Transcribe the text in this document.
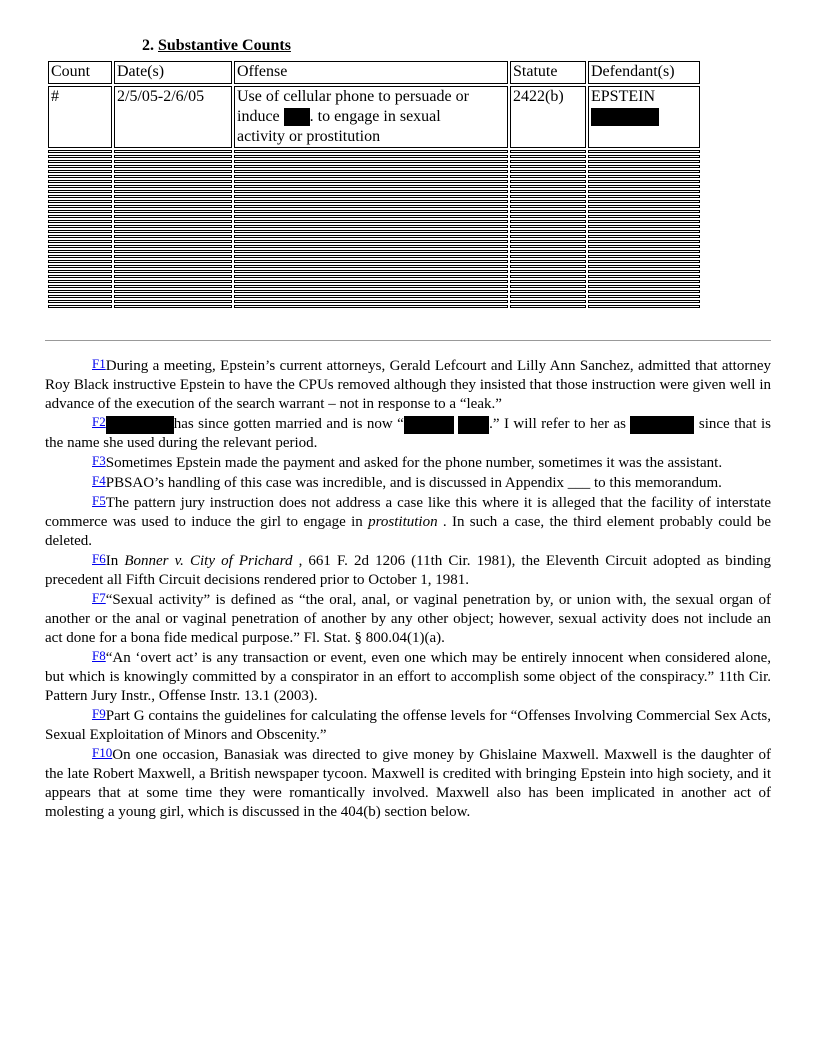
2. Substantive Counts
Count	Date(s)	Offense	Statute	Defendant(s)
#	2/5/05-2/6/05	Use of cellular phone to persuade or
induce . to engage in sexual
activity or prostitution	2422(b)	EPSTEIN

F1During a meeting, Epstein’s current attorneys, Gerald Lefcourt and Lilly Ann Sanchez, admitted that attorney Roy Black instructive Epstein to have the CPUs removed although they insisted that those instruction were given well in advance of the execution of the search warrant – not in response to a “leak.”

F2	has since gotten married and is now “	.” I will refer to her as	since that is the name she used during the relevant period.

F3Sometimes Epstein made the payment and asked for the phone number, sometimes it was the assistant.

F4PBSAO’s handling of this case was incredible, and is discussed in Appendix ___ to this memorandum.

F5The pattern jury instruction does not address a case like this where it is alleged that the facility of interstate commerce was used to induce the girl to engage in prostitution . In such a case, the third element probably could be deleted.

F6In Bonner v. City of Prichard , 661 F. 2d 1206 (11th Cir. 1981), the Eleventh Circuit adopted as binding precedent all Fifth Circuit decisions rendered prior to October 1, 1981.

F7“Sexual activity” is defined as “the oral, anal, or vaginal penetration by, or union with, the sexual organ of another or the anal or vaginal penetration of another by any other object; however, sexual activity does not include an act done for a bona fide medical purpose.” Fl. Stat. § 800.04(1)(a).

F8“An ‘overt act’ is any transaction or event, even one which may be entirely innocent when considered alone, but which is knowingly committed by a conspirator in an effort to accomplish some object of the conspiracy.” 11th Cir. Pattern Jury Instr., Offense Instr. 13.1 (2003).

F9Part G contains the guidelines for calculating the offense levels for “Offenses Involving Commercial Sex Acts, Sexual Exploitation of Minors and Obscenity.”

F10On one occasion, Banasiak was directed to give money by Ghislaine Maxwell. Maxwell is the daughter of the late Robert Maxwell, a British newspaper tycoon. Maxwell is credited with bringing Epstein into high society, and it appears that at some time they were romantically involved. Maxwell also has been implicated in another act of molesting a young girl, which is discussed in the 404(b) section below.
